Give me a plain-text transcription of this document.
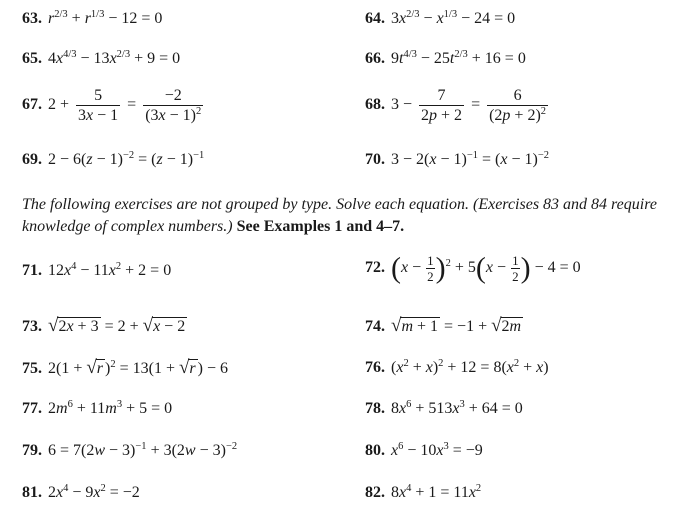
63. $r^{2/3} + r^{1/3} - 12 = 0$	64. $3x^{2/3} - x^{1/3} - 24 = 0$
65. $4x^{4/3} - 13x^{2/3} + 9 = 0$	66. $9t^{4/3} - 25t^{2/3} + 16 = 0$
67. $2 + \frac{5}{3x - 1} = \frac{-2}{(3x - 1)^2}$	68. $3 - \frac{7}{2p + 2} = \frac{6}{(2p + 2)^2}$
69. $2 - 6(z - 1)^{-2} = (z - 1)^{-1}$	70. $3 - 2(x - 1)^{-1} = (x - 1)^{-2}$
The following exercises are not grouped by type. Solve each equation. (Exercises 83 and 84 require knowledge of complex numbers.) See Examples 1 and 4–7.
71. $12x^4 - 11x^2 + 2 = 0$	72. $(x - \frac{1}{2} )^2 + 5(x - \frac{1}{2}$ ) − 4 = 0
73. √2x + 3 = 2 + √x − 2	74. √m + 1 = −1 + √2m
75. 2(1 + √r )$^2$ = 13(1 + √r ) − 6	76. $(x^2 + x)^2 + 12 = 8(x^2 + x)$
77. $2m^6 + 11m^3 + 5 = 0$	78. $8x^6 + 513x^3 + 64 = 0$
79. $6 = 7(2w - 3)^{-1} + 3(2w - 3)^{-2}$	80. $x^6 - 10x^3 = -9$
81. $2x^4 - 9x^2 = -2$	82. $8x^4 + 1 = 11x^2$
